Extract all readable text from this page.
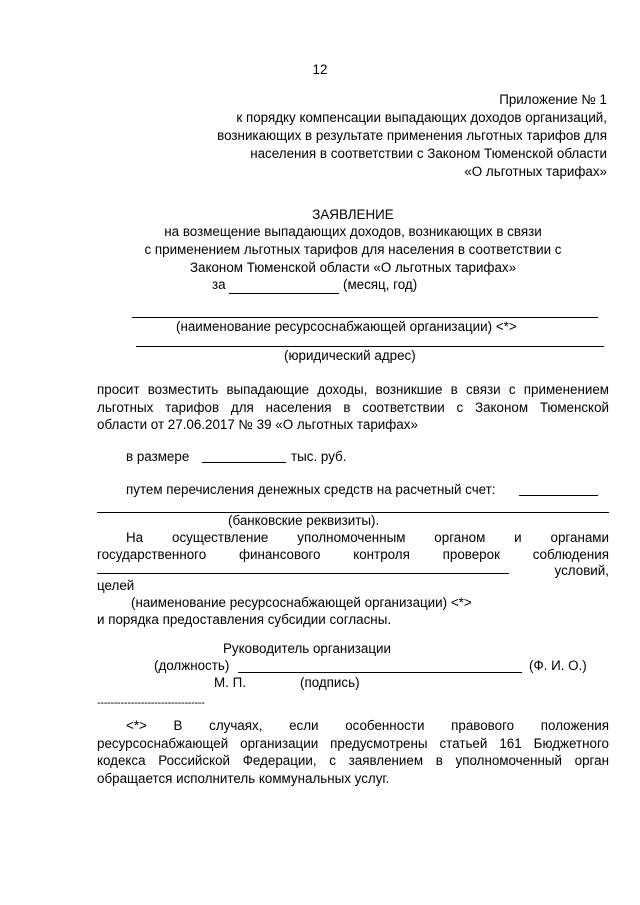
12
Приложение № 1
к порядку компенсации выпадающих доходов организаций,
возникающих в результате применения льготных тарифов для
населения в соответствии с Законом Тюменской области
«О льготных тарифах»
ЗАЯВЛЕНИЕ
на возмещение выпадающих доходов, возникающих в связи
с применением льготных тарифов для населения в соответствии с
Законом Тюменской области «О льготных тарифах»
за	(месяц, год)
(наименование ресурсоснабжающей организации) <*>
(юридический адрес)
просит возместить выпадающие доходы, возникшие в связи с применением
льготных тарифов для населения в соответствии с Законом Тюменской
области от 27.06.2017 № 39 «О льготных тарифах»
в размере	тыс. руб.
путем перечисления денежных средств на расчетный счет:
(банковские реквизиты).
На осуществление уполномоченным органом и органами
государственного финансового контроля проверок соблюдения
условий,
целей
(наименование ресурсоснабжающей организации) <*>
и порядка предоставления субсидии согласны.
Руководитель организации
(должность)	(Ф. И. О.)
М. П.	(подпись)
--------------------------------
<*> В случаях, если особенности правового положения
ресурсоснабжающей организации предусмотрены статьей 161 Бюджетного
кодекса Российской Федерации, с заявлением в уполномоченный орган
обращается исполнитель коммунальных услуг.
